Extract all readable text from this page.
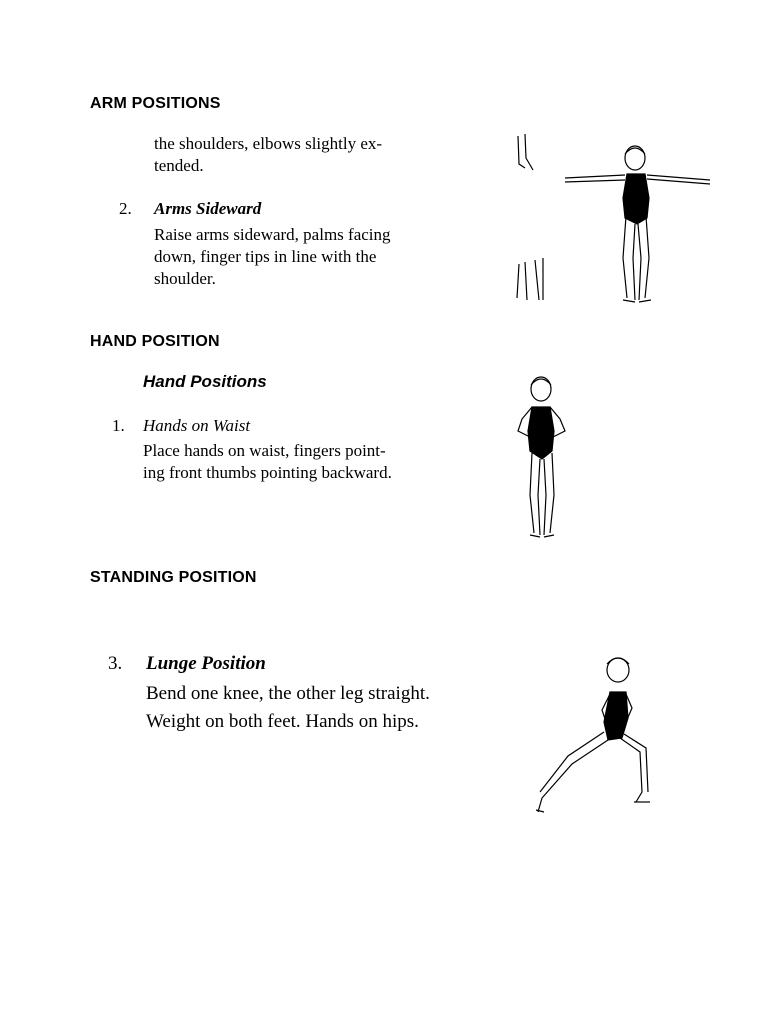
ARM POSITIONS
the shoulders, elbows slightly ex-
tended.
2. Arms Sideward
Raise arms sideward, palms facing
down, finger tips in line with the
shoulder.
HAND POSITION
Hand Positions
1. Hands on Waist
Place hands on waist, fingers point-
ing front thumbs pointing backward.
STANDING POSITION
3. Lunge Position
Bend one knee, the other leg straight.
Weight on both feet. Hands on hips.
